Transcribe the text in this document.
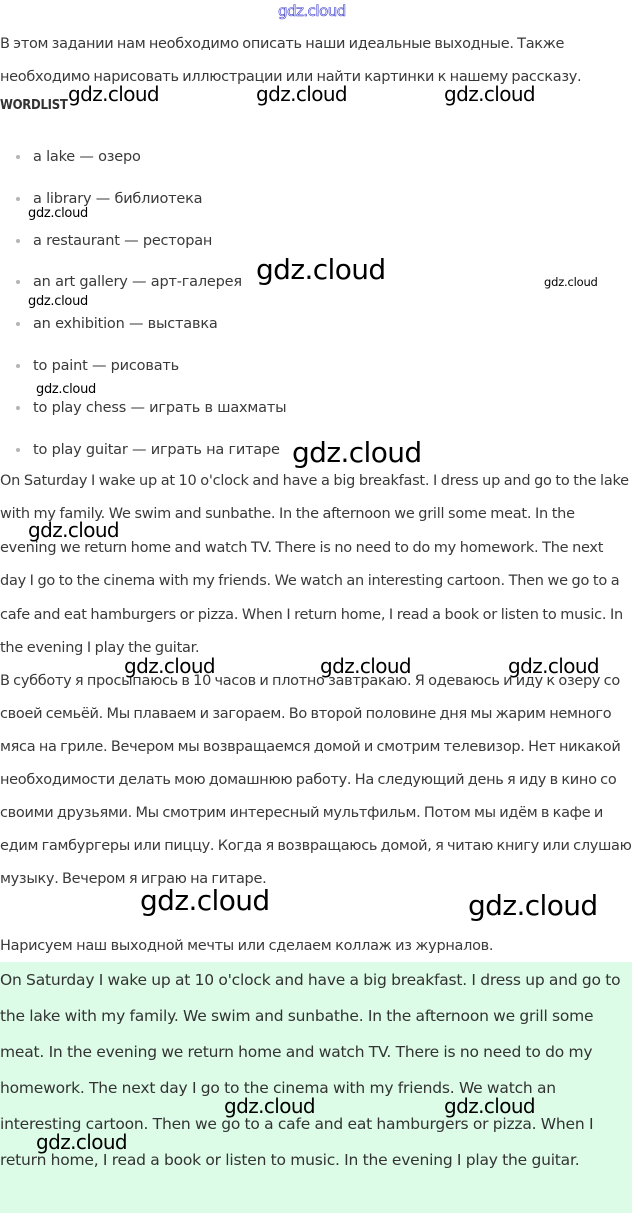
gdz.cloud
В этом задании нам необходимо описать наши идеальные выходные. Также необходимо нарисовать иллюстрации или найти картинки к нашему рассказу.
WORDLIST
a lake — озеро
a library — библиотека
a restaurant — ресторан
an art gallery — арт-галерея
an exhibition — выставка
to paint — рисовать
to play chess — играть в шахматы
to play guitar — играть на гитаре
On Saturday I wake up at 10 o'clock and have a big breakfast. I dress up and go to the lake with my family. We swim and sunbathe. In the afternoon we grill some meat. In the evening we return home and watch TV. There is no need to do my homework. The next day I go to the cinema with my friends. We watch an interesting cartoon. Then we go to a cafe and eat hamburgers or pizza. When I return home, I read a book or listen to music. In the evening I play the guitar.
В субботу я просыпаюсь в 10 часов и плотно завтракаю. Я одеваюсь и иду к озеру со своей семьёй. Мы плаваем и загораем. Во второй половине дня мы жарим немного мяса на гриле. Вечером мы возвращаемся домой и смотрим телевизор. Нет никакой необходимости делать мою домашнюю работу. На следующий день я иду в кино со своими друзьями. Мы смотрим интересный мультфильм. Потом мы идём в кафе и едим гамбургеры или пиццу. Когда я возвращаюсь домой, я читаю книгу или слушаю музыку. Вечером я играю на гитаре.
Нарисуем наш выходной мечты или сделаем коллаж из журналов.
On Saturday I wake up at 10 o'clock and have a big breakfast. I dress up and go to the lake with my family. We swim and sunbathe. In the afternoon we grill some meat. In the evening we return home and watch TV. There is no need to do my homework. The next day I go to the cinema with my friends. We watch an interesting cartoon. Then we go to a cafe and eat hamburgers or pizza. When I return home, I read a book or listen to music. In the evening I play the guitar.
gdz.cloud	gdz.cloud	gdz.cloud
gdz.cloud
gdz.cloud	gdz.cloud
gdz.cloud
gdz.cloud
gdz.cloud
gdz.cloud
gdz.cloud	gdz.cloud	gdz.cloud
gdz.cloud	gdz.cloud
gdz.cloud	gdz.cloud
gdz.cloud
